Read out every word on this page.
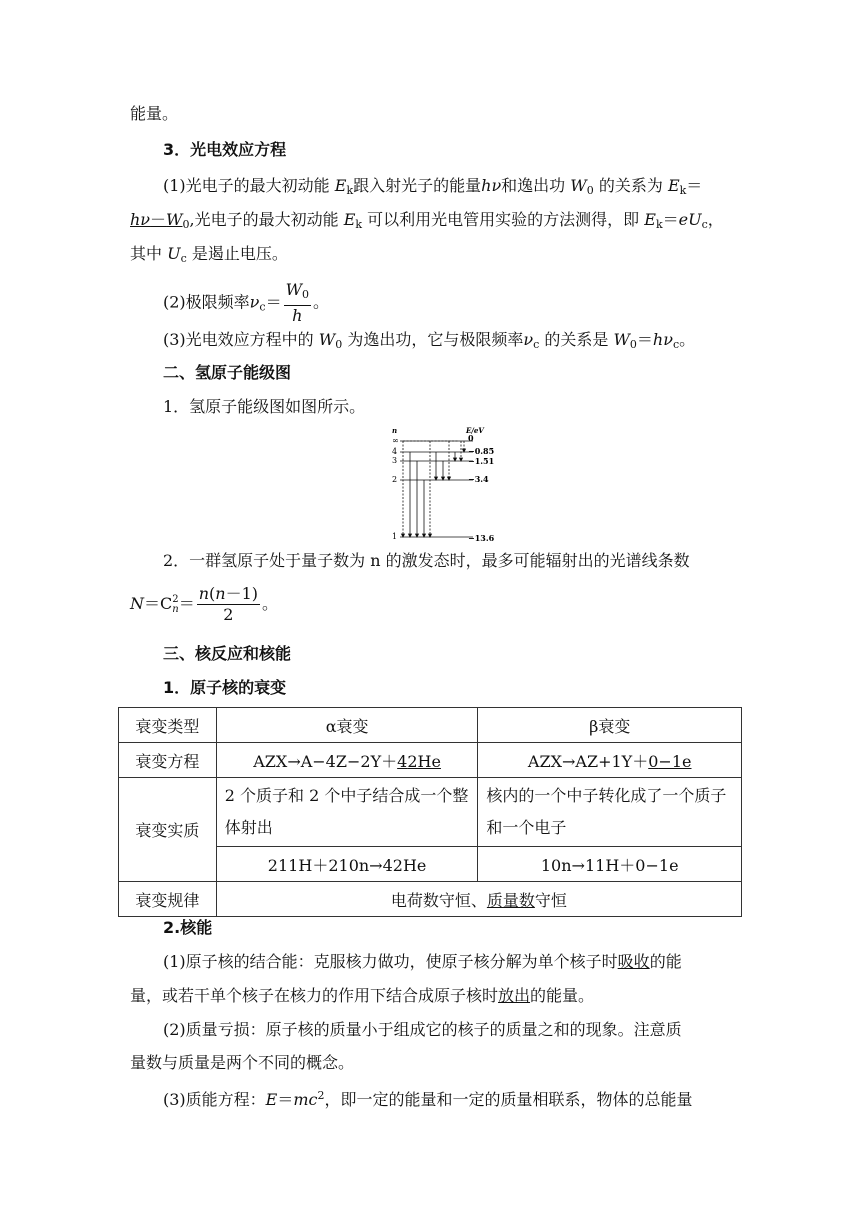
能量。
3．光电效应方程
(1)光电子的最大初动能 $E_k$跟入射光子的能量hν和逸出功 $W_0$ 的关系为 $E_k=$
$h\nu-W_0$,光电子的最大初动能 $E_k$ 可以利用光电管用实验的方法测得，即 $E_k=eU_c$，
其中 $U_c$ 是遏止电压。
(2)极限频率$\nu_c= \frac{W_0}{h}$ 。
(3)光电效应方程中的 $W_0$ 为逸出功，它与极限频率$\nu_c$ 的关系是 $W_0=h\nu_c$。
二、氢原子能级图
1．氢原子能级图如图所示。
n	E/eV
∞
4
3
2
1
0
−0.85
−1.51
−3.4
−13.6
2．一群氢原子处于量子数为 n 的激发态时，最多可能辐射出的光谱线条数
N＝C 2
$n = \frac{n(n-1)}{2}$ 。
三、核反应和核能
1．原子核的衰变
衰变类型	α衰变	β衰变
衰变方程	AZX→A−4Z−2Y＋42He	AZX→AZ+1Y＋0−1e
衰变实质	2 个质子和 2 个中子结合成一个整体射出	核内的一个中子转化成了一个质子和一个电子
	211H＋210n→42He	10n→11H＋0−1e
衰变规律	电荷数守恒、质量数守恒	
2.核能
(1)原子核的结合能：克服核力做功，使原子核分解为单个核子时吸收的能
量，或若干单个核子在核力的作用下结合成原子核时放出的能量。
(2)质量亏损：原子核的质量小于组成它的核子的质量之和的现象。注意质
量数与质量是两个不同的概念。
(3)质能方程：$E=mc^2$，即一定的能量和一定的质量相联系，物体的总能量
